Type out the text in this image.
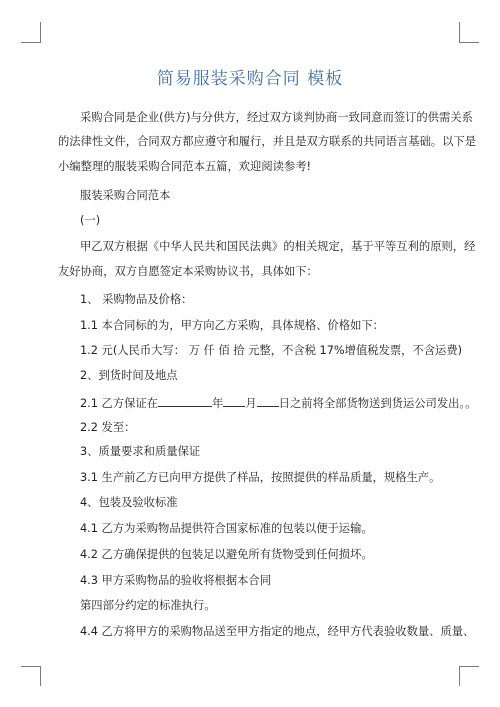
简易服装采购合同 模板
采购合同是企业(供方)与分供方，经过双方谈判协商一致同意而签订的供需关系
的法律性文件，合同双方都应遵守和履行，并且是双方联系的共同语言基础。以下是
小编整理的服装采购合同范本五篇，欢迎阅读参考!
服装采购合同范本
(一)
甲乙双方根据《中华人民共和国民法典》的相关规定，基于平等互利的原则，经
友好协商，双方自愿签定本采购协议书，具体如下：
1、 采购物品及价格：
1.1 本合同标的为，甲方向乙方采购，具体规格、价格如下：
1.2 元(人民币大写： 万 仟 佰 拾 元整，不含税 17%增值税发票，不含运费)
2、到货时间及地点
2.1 乙方保证在	年 月 日之前将全部货物送到货运公司发出。。
2.2 发至：
3、质量要求和质量保证
3.1 生产前乙方已向甲方提供了样品，按照提供的样品质量，规格生产。
4、包装及验收标准
4.1 乙方为采购物品提供符合国家标准的包装以便于运输。
4.2 乙方确保提供的包装足以避免所有货物受到任何损坏。
4.3 甲方采购物品的验收将根据本合同
第四部分约定的标准执行。
4.4 乙方将甲方的采购物品送至甲方指定的地点，经甲方代表验收数量、质量、
